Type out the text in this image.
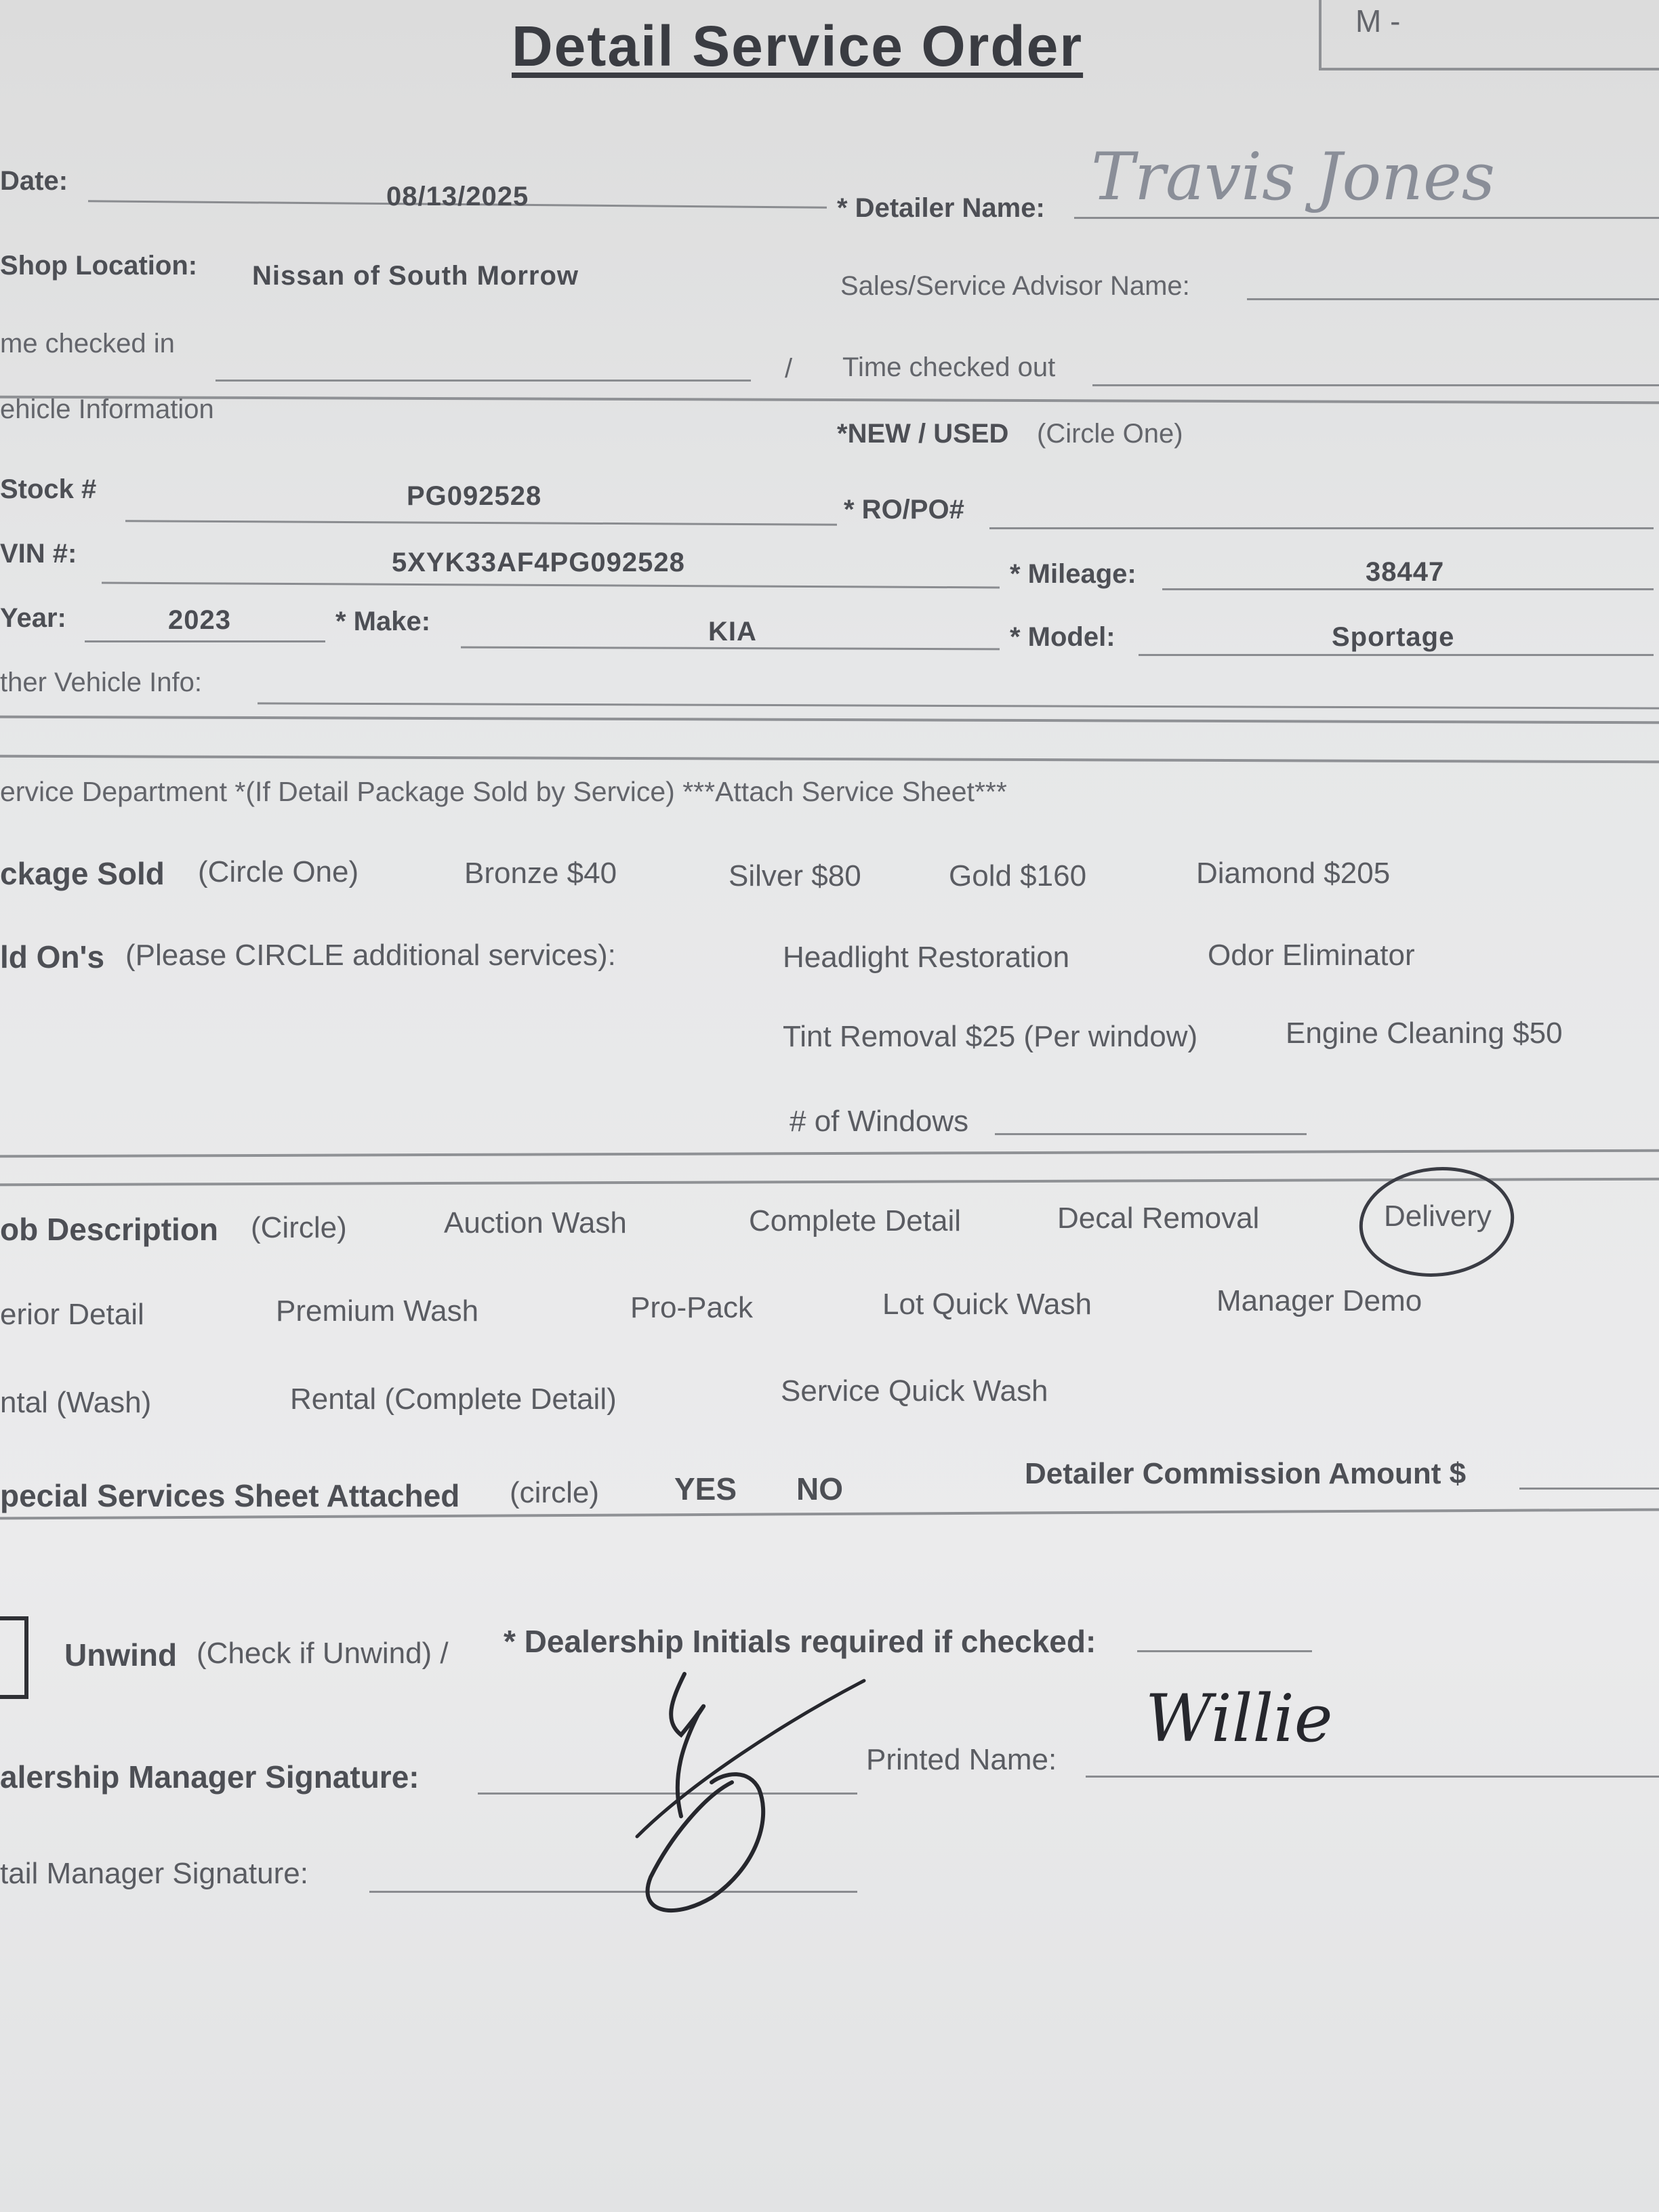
Detail Service Order	M -
Date:
08/13/2025	* Detailer Name: Travis Jones
Shop Location: Nissan of South Morrow	Sales/Service Advisor Name:
me checked in
/ Time checked out
ehicle Information
*NEW / USED (Circle One)
Stock #	PG092528	* RO/PO#
VIN #:	5XYK33AF4PG092528	* Mileage:	38447
Year:	2023	* Make:	KIA	* Model:	Sportage
ther Vehicle Info:
ervice Department *(If Detail Package Sold by Service) ***Attach Service Sheet***
ckage Sold (Circle One)	Bronze $40	Silver $80	Gold $160	Diamond $205
ld On's (Please CIRCLE additional services):	Headlight Restoration	Odor Eliminator
Tint Removal $25 (Per window)	Engine Cleaning $50
# of Windows
ob Description (Circle)	Auction Wash	Complete Detail	Decal Removal	Delivery
erior Detail	Premium Wash	Pro-Pack	Lot Quick Wash	Manager Demo
ntal (Wash)	Rental (Complete Detail)	Service Quick Wash
pecial Services Sheet Attached (circle) YES NO	Detailer Commission Amount $
Unwind (Check if Unwind) / * Dealership Initials required if checked:
alership Manager Signature:	Printed Name:
Willie
tail Manager Signature:
